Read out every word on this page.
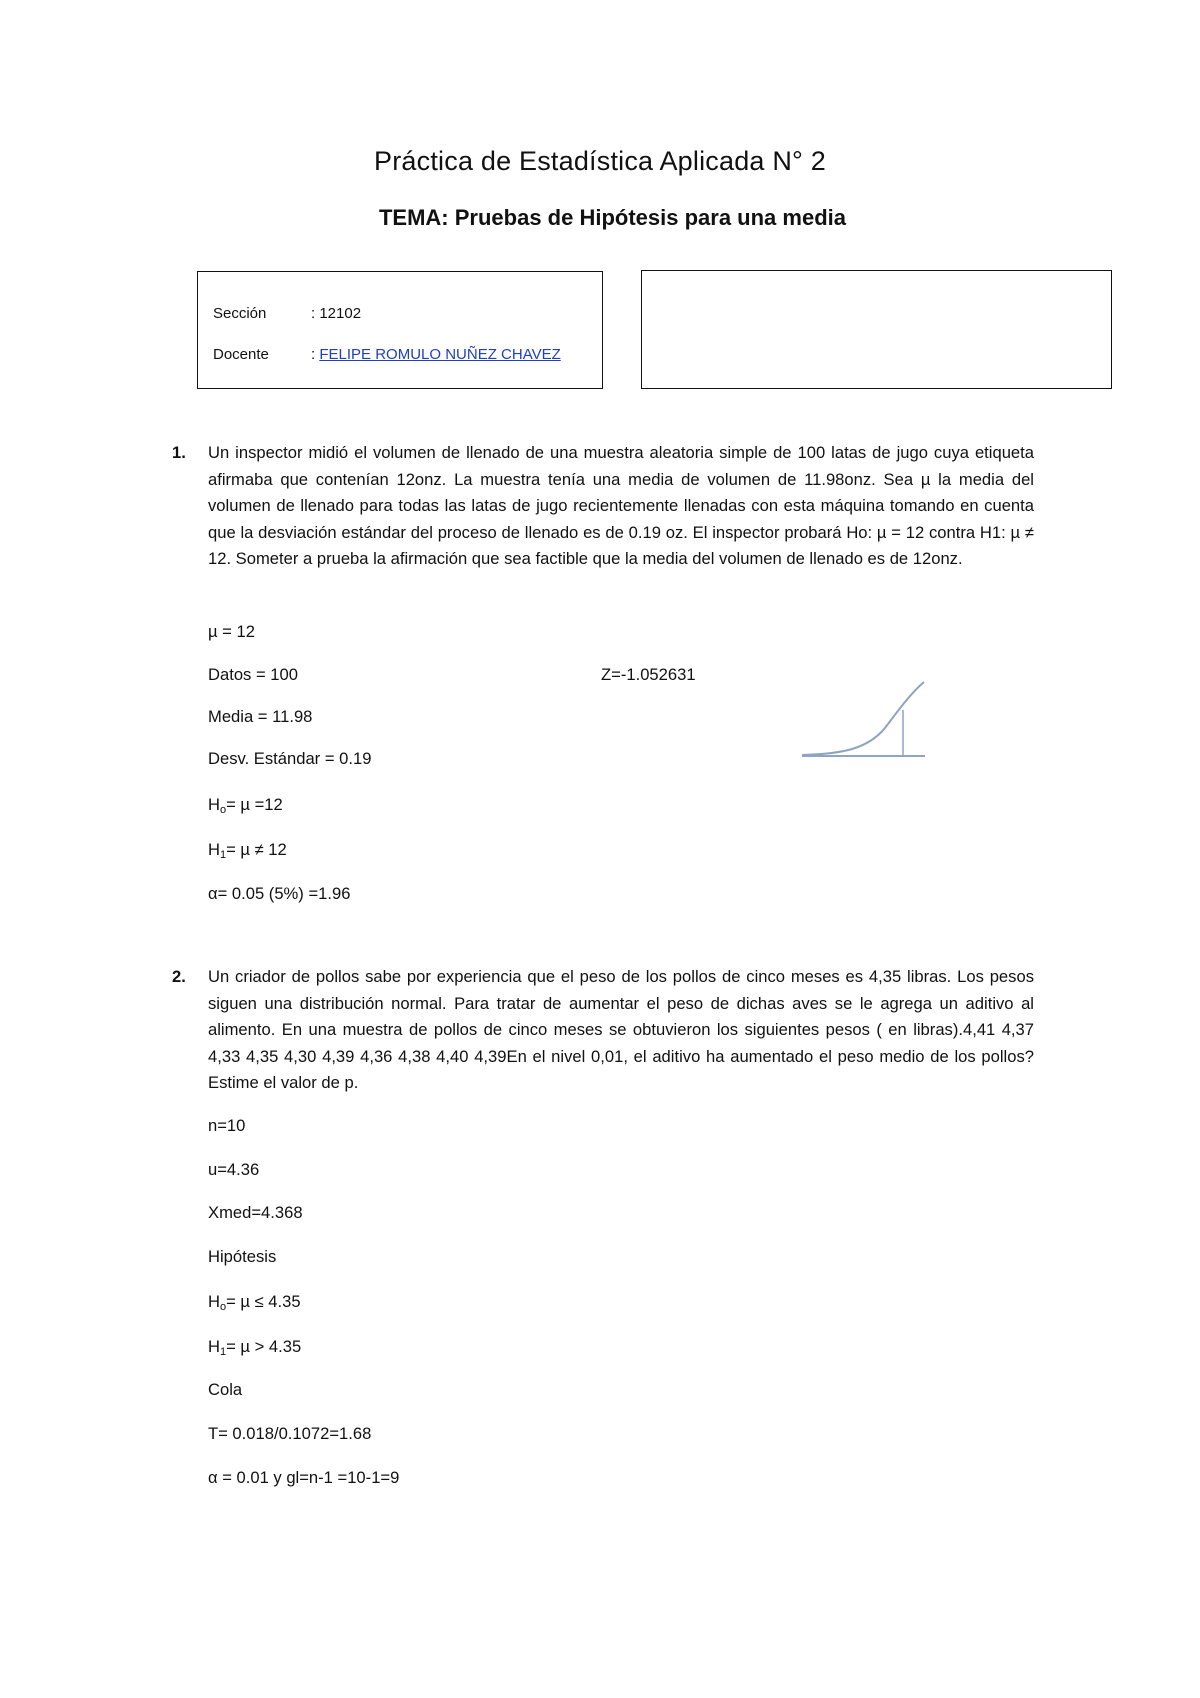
Práctica de Estadística Aplicada N° 2
TEMA: Pruebas de Hipótesis para una media
Sección	: 12102
Docente	: FELIPE ROMULO NUÑEZ CHAVEZ
1. Un inspector midió el volumen de llenado de una muestra aleatoria simple de 100 latas de jugo cuya etiqueta afirmaba que contenían 12onz. La muestra tenía una media de volumen de 11.98onz. Sea µ la media del volumen de llenado para todas las latas de jugo recientemente llenadas con esta máquina tomando en cuenta que la desviación estándar del proceso de llenado es de 0.19 oz. El inspector probará Ho: µ = 12 contra H1: µ ≠ 12. Someter a prueba la afirmación que sea factible que la media del volumen de llenado es de 12onz.
µ = 12
Datos = 100	Z=-1.052631
Media = 11.98
Desv. Estándar = 0.19
$H_o= \mu =12$
$H_1= \mu \ne 12$
α= 0.05 (5%) =1.96
2. Un criador de pollos sabe por experiencia que el peso de los pollos de cinco meses es 4,35 libras. Los pesos siguen una distribución normal. Para tratar de aumentar el peso de dichas aves se le agrega un aditivo al alimento. En una muestra de pollos de cinco meses se obtuvieron los siguientes pesos ( en libras).4,41 4,37 4,33 4,35 4,30 4,39 4,36 4,38 4,40 4,39En el nivel 0,01, el aditivo ha aumentado el peso medio de los pollos? Estime el valor de p.
n=10
u=4.36
Xmed=4.368
Hipótesis
$H_o= \mu \le 4.35$
$H_1= \mu > 4.35$
Cola
T= 0.018/0.1072=1.68
α = 0.01 y gl=n-1 =10-1=9
